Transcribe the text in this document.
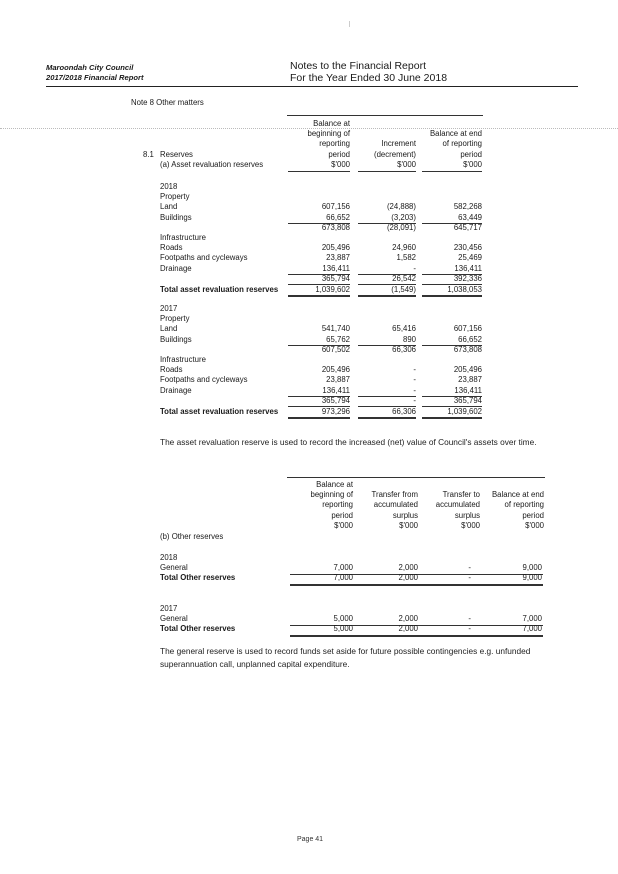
Maroondah City Council
2017/2018 Financial Report
Notes to the Financial Report
For the Year Ended 30 June 2018
Note 8 Other matters
Balance at
beginning of
reporting
period
$'000
Increment
(decrement)
$'000
Balance at end
of reporting
period
$'000
8.1 Reserves
(a) Asset revaluation reserves
2018
Property
Land	607,156	(24,888)	582,268
Buildings	66,652	(3,203)	63,449
673,808	(28,091)	645,717
Infrastructure
Roads	205,496	24,960	230,456
Footpaths and cycleways	23,887	1,582	25,469
Drainage	136,411	-	136,411
365,794	26,542	392,336
Total asset revaluation reserves	1,039,602	(1,549)	1,038,053
2017
Property
Land	541,740	65,416	607,156
Buildings	65,762	890	66,652
607,502	66,306	673,808
Infrastructure
Roads	205,496	-	205,496
Footpaths and cycleways	23,887	-	23,887
Drainage	136,411	-	136,411
365,794	-	365,794
Total asset revaluation reserves	973,296	66,306	1,039,602
The asset revaluation reserve is used to record the increased (net) value of Council's assets over time.
Balance at
beginning of
reporting
period
$'000
Transfer from
accumulated
surplus
$'000
Transfer to
accumulated
surplus
$'000
Balance at end
of reporting
period
$'000
(b) Other reserves
2018
General	7,000	2,000	-	9,000
Total Other reserves	7,000	2,000	-	9,000
2017
General	5,000	2,000	-	7,000
Total Other reserves	5,000	2,000	-	7,000
The general reserve is used to record funds set aside for future possible contingencies e.g. unfunded superannuation call, unplanned capital expenditure.
Page 41
